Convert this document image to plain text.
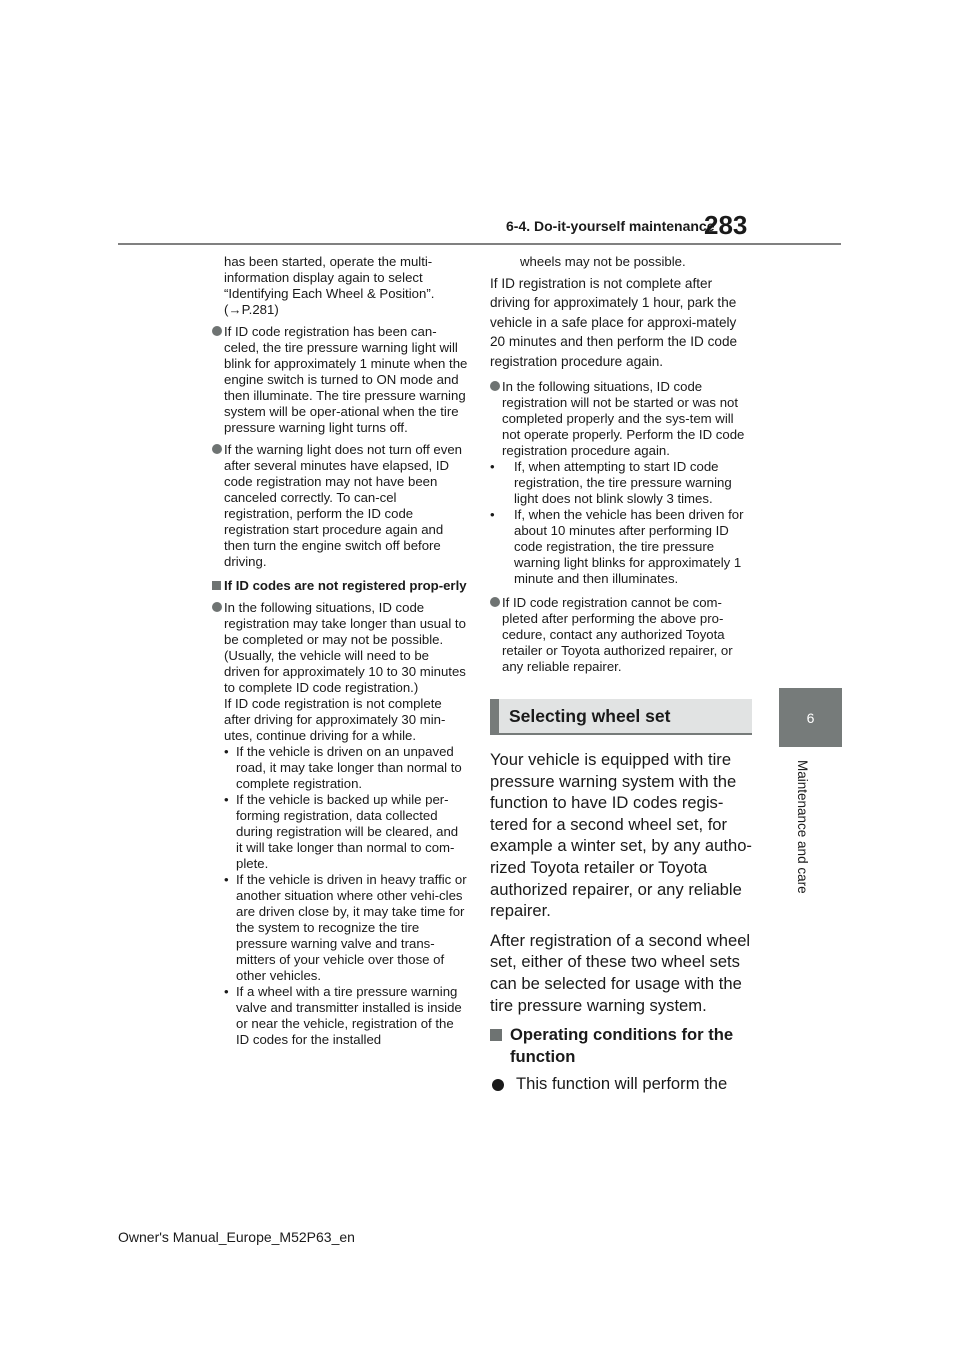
6-4. Do-it-yourself maintenance
283
6
Maintenance and care
has been started, operate the multi-information display again to select “Identifying Each Wheel & Position”. (→P.281)
If ID code registration has been can-celed, the tire pressure warning light will blink for approximately 1 minute when the engine switch is turned to ON mode and then illuminate. The tire pressure warning system will be oper-ational when the tire pressure warning light turns off.
If the warning light does not turn off even after several minutes have elapsed, ID code registration may not have been canceled correctly. To can-cel registration, perform the ID code registration start procedure again and then turn the engine switch off before driving.
If ID codes are not registered prop-erly

In the following situations, ID code registration may take longer than usual to be completed or may not be possible. (Usually, the vehicle will need to be driven for approximately 10 to 30 minutes to complete ID code registration.)

If ID code registration is not complete after driving for approximately 30 min-utes, continue driving for a while.

• If the vehicle is driven on an unpaved road, it may take longer than normal to complete registration.
• If the vehicle is backed up while per-forming registration, data collected during registration will be cleared, and it will take longer than normal to com-plete.
• If the vehicle is driven in heavy traffic or another situation where other vehi-cles are driven close by, it may take time for the system to recognize the tire pressure warning valve and trans-mitters of your vehicle over those of other vehicles.
• If a wheel with a tire pressure warning valve and transmitter installed is inside or near the vehicle, registration of the ID codes for the installed
wheels may not be possible.
If ID registration is not complete after driving for approximately 1 hour, park the vehicle in a safe place for approxi-mately 20 minutes and then perform the ID code registration procedure again.
In the following situations, ID code registration will not be started or was not completed properly and the sys-tem will not operate properly. Perform the ID code registration procedure again.
•	If, when attempting to start ID code registration, the tire pressure warning light does not blink slowly 3 times.
•	If, when the vehicle has been driven for about 10 minutes after performing ID code registration, the tire pressure warning light blinks for approximately 1 minute and then illuminates.
If ID code registration cannot be com-pleted after performing the above pro-cedure, contact any authorized Toyota retailer or Toyota authorized repairer, or any reliable repairer.
Selecting wheel set
Your vehicle is equipped with tire pressure warning system with the function to have ID codes regis-tered for a second wheel set, for example a winter set, by any autho-rized Toyota retailer or Toyota authorized repairer, or any reliable repairer.
After registration of a second wheel set, either of these two wheel sets can be selected for usage with the tire pressure warning system.
Operating conditions for the function
This function will perform the
Owner's Manual_Europe_M52P63_en
